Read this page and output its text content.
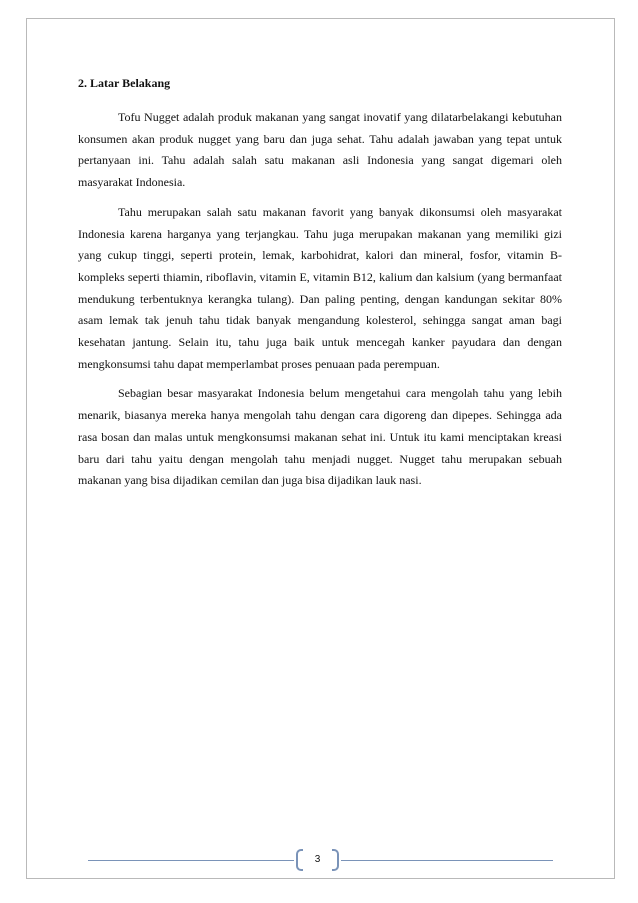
2. Latar Belakang

Tofu Nugget adalah produk makanan yang sangat inovatif yang dilatarbelakangi kebutuhan konsumen akan produk nugget yang baru dan juga sehat. Tahu adalah jawaban yang tepat untuk pertanyaan ini. Tahu adalah salah satu makanan asli Indonesia yang sangat digemari oleh masyarakat Indonesia.

Tahu merupakan salah satu makanan favorit yang banyak dikonsumsi oleh masyarakat Indonesia karena harganya yang terjangkau. Tahu juga merupakan makanan yang memiliki gizi yang cukup tinggi, seperti protein, lemak, karbohidrat, kalori dan mineral, fosfor, vitamin B-kompleks seperti thiamin, riboflavin, vitamin E, vitamin B12, kalium dan kalsium (yang bermanfaat mendukung terbentuknya kerangka tulang). Dan paling penting, dengan kandungan sekitar 80% asam lemak tak jenuh tahu tidak banyak mengandung kolesterol, sehingga sangat aman bagi kesehatan jantung. Selain itu, tahu juga baik untuk mencegah kanker payudara dan dengan mengkonsumsi tahu dapat memperlambat proses penuaan pada perempuan.

Sebagian besar masyarakat Indonesia belum mengetahui cara mengolah tahu yang lebih menarik, biasanya mereka hanya mengolah tahu dengan cara digoreng dan dipepes. Sehingga ada rasa bosan dan malas untuk mengkonsumsi makanan sehat ini. Untuk itu kami menciptakan kreasi baru dari tahu yaitu dengan mengolah tahu menjadi nugget. Nugget tahu merupakan sebuah makanan yang bisa dijadikan cemilan dan juga bisa dijadikan lauk nasi.

3
